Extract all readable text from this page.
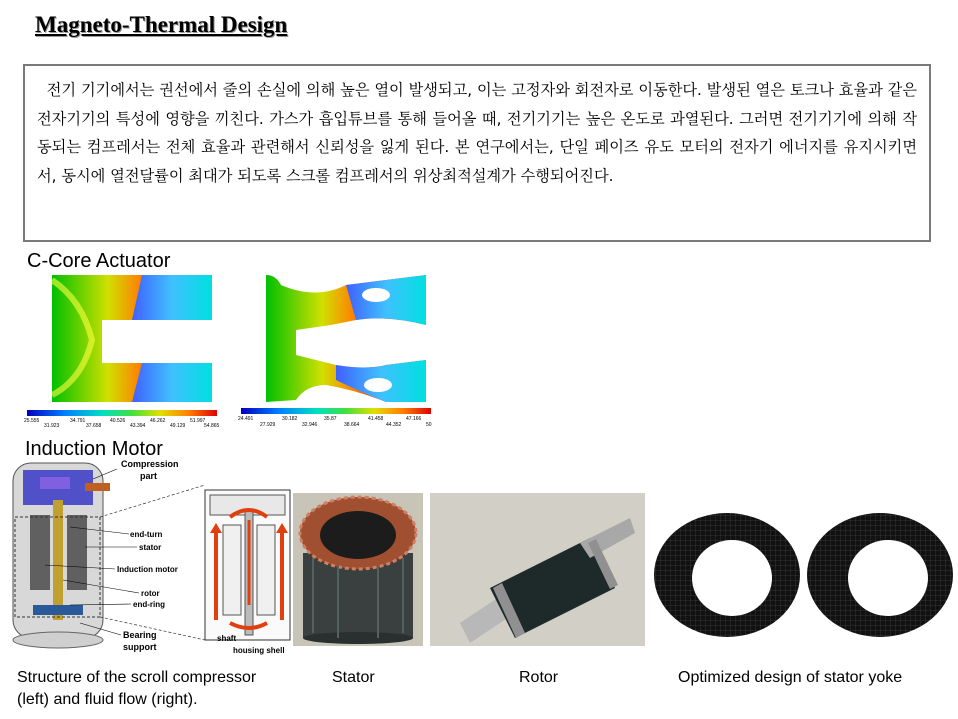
Magneto-Thermal Design
전기 기기에서는 권선에서 줄의 손실에 의해 높은 열이 발생되고, 이는 고정자와 회전자로 이동한다. 발생된 열은 토크나 효율과 같은 전자기기의 특성에 영향을 끼친다. 가스가 흡입튜브를 통해 들어올 때, 전기기기는 높은 온도로 과열된다. 그러면 전기기기에 의해 작동되는 컴프레서는 전체 효율과 관련해서 신뢰성을 잃게 된다. 본 연구에서는, 단일 페이즈 유도 모터의 전자기 에너지를 유지시키면서, 동시에 열전달률이 최대가 되도록 스크롤 컴프레서의 위상최적설계가 수행되어진다.
C-Core Actuator
25.555	34.791	40.526	46.262	51.997
31.923	37.658	43.394	49.129	54.865
24.491	30.182	35.87	41.458	47.166
27.929	32.946	38.664	44.352	50
Induction Motor
Compression
part
end-turn
stator
Induction motor
rotor
end-ring
Bearing
support
shaft
housing shell
Structure of the scroll compressor
(left) and fluid flow (right).
Stator	Rotor	Optimized design of stator yoke
